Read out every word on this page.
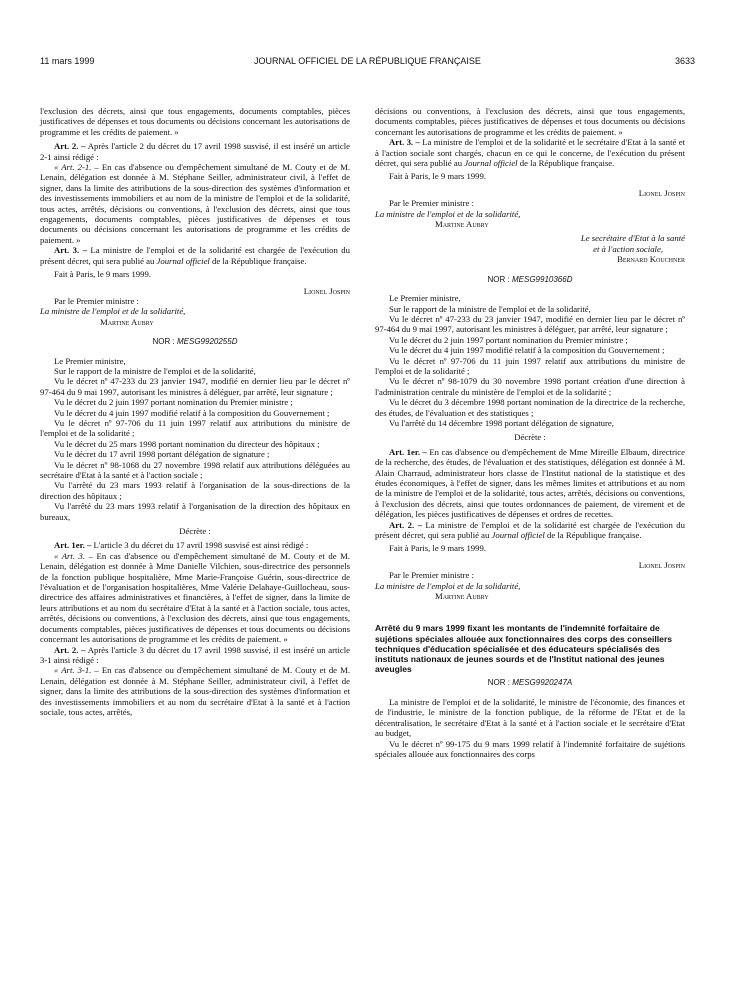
11 mars 1999	JOURNAL OFFICIEL DE LA RÉPUBLIQUE FRANÇAISE	3633

l'exclusion des décrets, ainsi que tous engagements, documents comptables, pièces justificatives de dépenses et tous documents ou décisions concernant les autorisations de programme et les crédits de paiement. »

Art. 2. – Après l'article 2 du décret du 17 avril 1998 susvisé, il est inséré un article 2-1 ainsi rédigé :

« Art. 2-1. – En cas d'absence ou d'empêchement simultané de M. Couty et de M. Lenain, délégation est donnée à M. Stéphane Seiller, administrateur civil, à l'effet de signer, dans la limite des attributions de la sous-direction des systèmes d'information et des investissements immobiliers et au nom de la ministre de l'emploi et de la solidarité, tous actes, arrêtés, décisions ou conventions, à l'exclusion des décrets, ainsi que tous engagements, documents comptables, pièces justificatives de dépenses et tous documents ou décisions concernant les autorisations de programme et les crédits de paiement. »

Art. 3. – La ministre de l'emploi et de la solidarité est chargée de l'exécution du présent décret, qui sera publié au Journal officiel de la République française.

Fait à Paris, le 9 mars 1999.

Lionel Jospin

Par le Premier ministre :

La ministre de l'emploi et de la solidarité,

Martine Aubry

NOR : MESG9920255D

Le Premier ministre,

Sur le rapport de la ministre de l'emploi et de la solidarité,

Vu le décret nº 47-233 du 23 janvier 1947, modifié en dernier lieu par le décret nº 97-464 du 9 mai 1997, autorisant les ministres à déléguer, par arrêté, leur signature ;

Vu le décret du 2 juin 1997 portant nomination du Premier ministre ;

Vu le décret du 4 juin 1997 modifié relatif à la composition du Gouvernement ;

Vu le décret nº 97-706 du 11 juin 1997 relatif aux attributions du ministre de l'emploi et de la solidarité ;

Vu le décret du 25 mars 1998 portant nomination du directeur des hôpitaux ;

Vu le décret du 17 avril 1998 portant délégation de signature ;

Vu le décret nº 98-1068 du 27 novembre 1998 relatif aux attributions déléguées au secrétaire d'Etat à la santé et à l'action sociale ;

Vu l'arrêté du 23 mars 1993 relatif à l'organisation de la sous-directions de la direction des hôpitaux ;

Vu l'arrêté du 23 mars 1993 relatif à l'organisation de la direction des hôpitaux en bureaux,

Décrète :

Art. 1er. – L'article 3 du décret du 17 avril 1998 susvisé est ainsi rédigé :

« Art. 3. – En cas d'absence ou d'empêchement simultané de M. Couty et de M. Lenain, délégation est donnée à Mme Danielle Vilchien, sous-directrice des personnels de la fonction publique hospitalière, Mme Marie-Françoise Guérin, sous-directrice de l'évaluation et de l'organisation hospitalières, Mme Valérie Delahaye-Guillocheau, sous-directrice des affaires administratives et financières, à l'effet de signer, dans la limite de leurs attributions et au nom du secrétaire d'Etat à la santé et à l'action sociale, tous actes, arrêtés, décisions ou conventions, à l'exclusion des décrets, ainsi que tous engagements, documents comptables, pièces justificatives de dépenses et tous documents ou décisions concernant les autorisations de programme et les crédits de paiement. »

Art. 2. – Après l'article 3 du décret du 17 avril 1998 susvisé, il est inséré un article 3-1 ainsi rédigé :

« Art. 3-1. – En cas d'absence ou d'empêchement simultané de M. Couty et de M. Lenain, délégation est donnée à M. Stéphane Seiller, administrateur civil, à l'effet de signer, dans la limite des attributions de la sous-direction des systèmes d'information et des investissements immobiliers et au nom du secrétaire d'Etat à la santé et à l'action sociale, tous actes, arrêtés,

décisions ou conventions, à l'exclusion des décrets, ainsi que tous engagements, documents comptables, pièces justificatives de dépenses et tous documents ou décisions concernant les autorisations de programme et les crédits de paiement. »

Art. 3. – La ministre de l'emploi et de la solidarité et le secrétaire d'Etat à la santé et à l'action sociale sont chargés, chacun en ce qui le concerne, de l'exécution du présent décret, qui sera publié au Journal officiel de la République française.

Fait à Paris, le 9 mars 1999.

Lionel Jospin

Par le Premier ministre :

La ministre de l'emploi et de la solidarité,

Martine Aubry

Le secrétaire d'Etat à la santé

et à l'action sociale,

Bernard Kouchner

NOR : MESG9910366D

Le Premier ministre,

Sur le rapport de la ministre de l'emploi et de la solidarité,

Vu le décret nº 47-233 du 23 janvier 1947, modifié en dernier lieu par le décret nº 97-464 du 9 mai 1997, autorisant les ministres à déléguer, par arrêté, leur signature ;

Vu le décret du 2 juin 1997 portant nomination du Premier ministre ;

Vu le décret du 4 juin 1997 modifié relatif à la composition du Gouvernement ;

Vu le décret nº 97-706 du 11 juin 1997 relatif aux attributions du ministre de l'emploi et de la solidarité ;

Vu le décret nº 98-1079 du 30 novembre 1998 portant création d'une direction à l'administration centrale du ministère de l'emploi et de la solidarité ;

Vu le décret du 3 décembre 1998 portant nomination de la directrice de la recherche, des études, de l'évaluation et des statistiques ;

Vu l'arrêté du 14 décembre 1998 portant délégation de signature,

Décrète :

Art. 1er. – En cas d'absence ou d'empêchement de Mme Mireille Elbaum, directrice de la recherche, des études, de l'évaluation et des statistiques, délégation est donnée à M. Alain Charraud, administrateur hors classe de l'Institut national de la statistique et des études économiques, à l'effet de signer, dans les mêmes limites et attributions et au nom de la ministre de l'emploi et de la solidarité, tous actes, arrêtés, décisions ou conventions, à l'exclusion des décrets, ainsi que toutes ordonnances de paiement, de virement et de délégation, les pièces justificatives de dépenses et ordres de recettes.

Art. 2. – La ministre de l'emploi et de la solidarité est chargée de l'exécution du présent décret, qui sera publié au Journal officiel de la République française.

Fait à Paris, le 9 mars 1999.

Lionel Jospin

Par le Premier ministre :

La ministre de l'emploi et de la solidarité,

Martine Aubry

Arrêté du 9 mars 1999 fixant les montants de l'indemnité forfaitaire de sujétions spéciales allouée aux fonctionnaires des corps des conseillers techniques d'éducation spécialisée et des éducateurs spécialisés des instituts nationaux de jeunes sourds et de l'Institut national des jeunes aveugles

NOR : MESG9920247A

La ministre de l'emploi et de la solidarité, le ministre de l'économie, des finances et de l'industrie, le ministre de la fonction publique, de la réforme de l'Etat et de la décentralisation, le secrétaire d'Etat à la santé et à l'action sociale et le secrétaire d'Etat au budget,

Vu le décret nº 99-175 du 9 mars 1999 relatif à l'indemnité forfaitaire de sujétions spéciales allouée aux fonctionnaires des corps
